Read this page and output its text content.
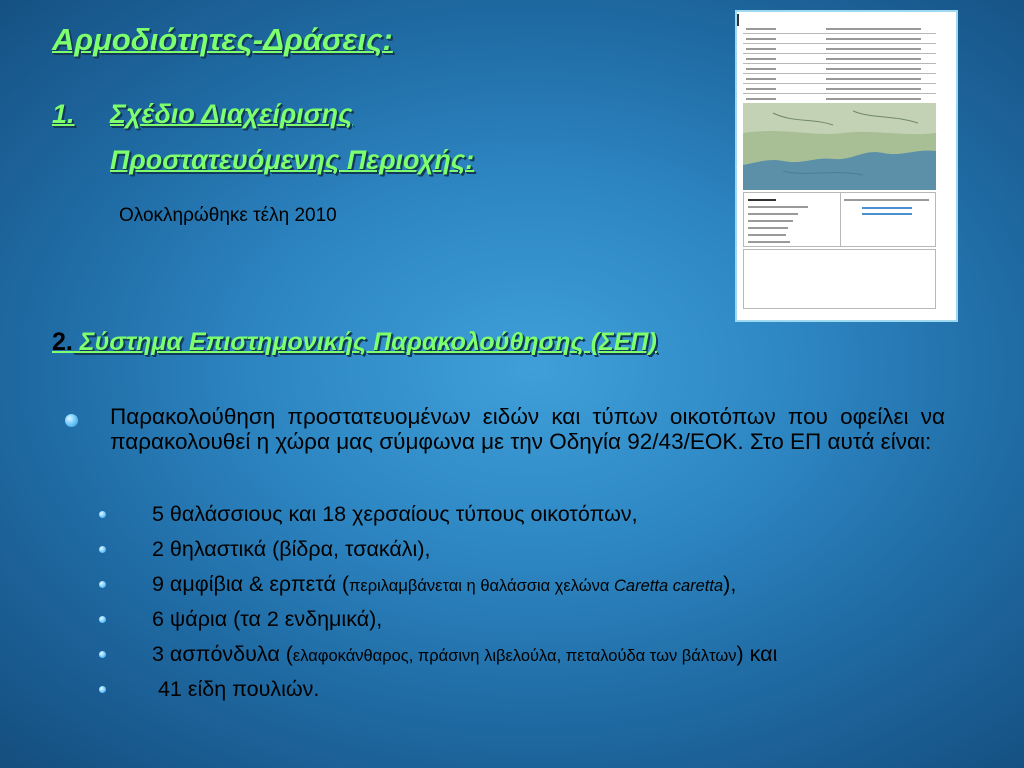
Αρμοδιότητες-Δράσεις:
1. Σχέδιο Διαχείρισης
Προστατευόμενης Περιοχής:
Ολοκληρώθηκε τέλη 2010
2. Σύστημα Επιστημονικής Παρακολούθησης (ΣΕΠ)
Παρακολούθηση προστατευομένων ειδών και τύπων οικοτόπων που οφείλει να παρακολουθεί η χώρα μας σύμφωνα με την Οδηγία 92/43/ΕΟΚ. Στο ΕΠ αυτά είναι:
5 θαλάσσιους και 18 χερσαίους τύπους οικοτόπων,
2 θηλαστικά (βίδρα, τσακάλι),
9 αμφίβια & ερπετά (περιλαμβάνεται η θαλάσσια χελώνα Caretta caretta),
6 ψάρια (τα 2 ενδημικά),
3 ασπόνδυλα (ελαφοκάνθαρος, πράσινη λιβελούλα, πεταλούδα των βάλτων) και
41 είδη πουλιών.
